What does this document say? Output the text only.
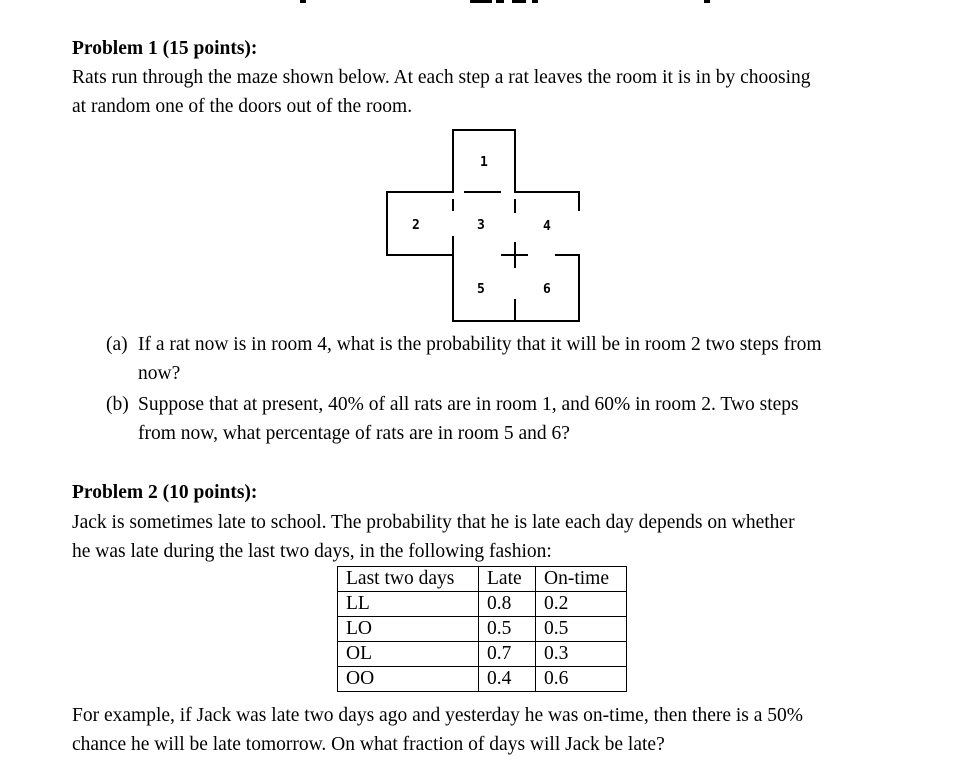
Problem 1 (15 points):
Rats run through the maze shown below. At each step a rat leaves the room it is in by choosing
at random one of the doors out of the room.
1
2	3	4
5	6
(a) If a rat now is in room 4, what is the probability that it will be in room 2 two steps from
now?
(b) Suppose that at present, 40% of all rats are in room 1, and 60% in room 2. Two steps
from now, what percentage of rats are in room 5 and 6?
Problem 2 (10 points):
Jack is sometimes late to school. The probability that he is late each day depends on whether
he was late during the last two days, in the following fashion:
Last two days	Late	On-time
LL	0.8	0.2
LO	0.5	0.5
OL	0.7	0.3
OO	0.4	0.6
For example, if Jack was late two days ago and yesterday he was on-time, then there is a 50%
chance he will be late tomorrow. On what fraction of days will Jack be late?
